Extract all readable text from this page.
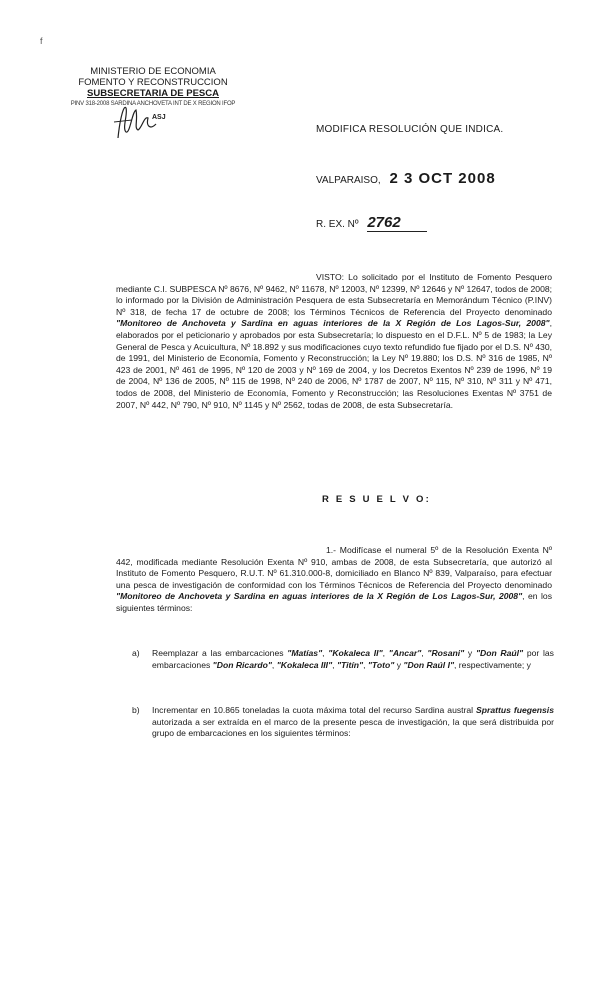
f
MINISTERIO DE ECONOMIA
FOMENTO Y RECONSTRUCCION
SUBSECRETARIA DE PESCA
PINV 318-2008 SARDINA ANCHOVETA INT DE X REGION IFOP
ASJ
MODIFICA RESOLUCIÓN QUE INDICA.
VALPARAISO, 2 3 OCT 2008
R. EX. Nº 2762
VISTO: Lo solicitado por el Instituto de Fomento Pesquero mediante C.I. SUBPESCA Nº 8676, Nº 9462, Nº 11678, Nº 12003, Nº 12399, Nº 12646 y Nº 12647, todos de 2008; lo informado por la División de Administración Pesquera de esta Subsecretaría en Memorándum Técnico (P.INV) Nº 318, de fecha 17 de octubre de 2008; los Términos Técnicos de Referencia del Proyecto denominado "Monitoreo de Anchoveta y Sardina en aguas interiores de la X Región de Los Lagos-Sur, 2008", elaborados por el peticionario y aprobados por esta Subsecretaría; lo dispuesto en el D.F.L. Nº 5 de 1983; la Ley General de Pesca y Acuicultura, Nº 18.892 y sus modificaciones cuyo texto refundido fue fijado por el D.S. Nº 430, de 1991, del Ministerio de Economía, Fomento y Reconstrucción; la Ley Nº 19.880; los D.S. Nº 316 de 1985, Nº 423 de 2001, Nº 461 de 1995, Nº 120 de 2003 y Nº 169 de 2004, y los Decretos Exentos Nº 239 de 1996, Nº 19 de 2004, Nº 136 de 2005, Nº 115 de 1998, Nº 240 de 2006, Nº 1787 de 2007, Nº 115, Nº 310, Nº 311 y Nº 471, todos de 2008, del Ministerio de Economía, Fomento y Reconstrucción; las Resoluciones Exentas Nº 3751 de 2007, Nº 442, Nº 790, Nº 910, Nº 1145 y Nº 2562, todas de 2008, de esta Subsecretaría.
R E S U E L V O:
1.- Modifícase el numeral 5º de la Resolución Exenta Nº 442, modificada mediante Resolución Exenta Nº 910, ambas de 2008, de esta Subsecretaría, que autorizó al Instituto de Fomento Pesquero, R.U.T. Nº 61.310.000-8, domiciliado en Blanco Nº 839, Valparaíso, para efectuar una pesca de investigación de conformidad con los Términos Técnicos de Referencia del Proyecto denominado "Monitoreo de Anchoveta y Sardina en aguas interiores de la X Región de Los Lagos-Sur, 2008", en los siguientes términos:
a) Reemplazar a las embarcaciones "Matías", "Kokaleca II", "Ancar", "Rosani" y "Don Raúl" por las embarcaciones "Don Ricardo", "Kokaleca III", "Titín", "Toto" y "Don Raúl I", respectivamente; y
b) Incrementar en 10.865 toneladas la cuota máxima total del recurso Sardina austral Sprattus fuegensis autorizada a ser extraída en el marco de la presente pesca de investigación, la que será distribuida por grupo de embarcaciones en los siguientes términos:
